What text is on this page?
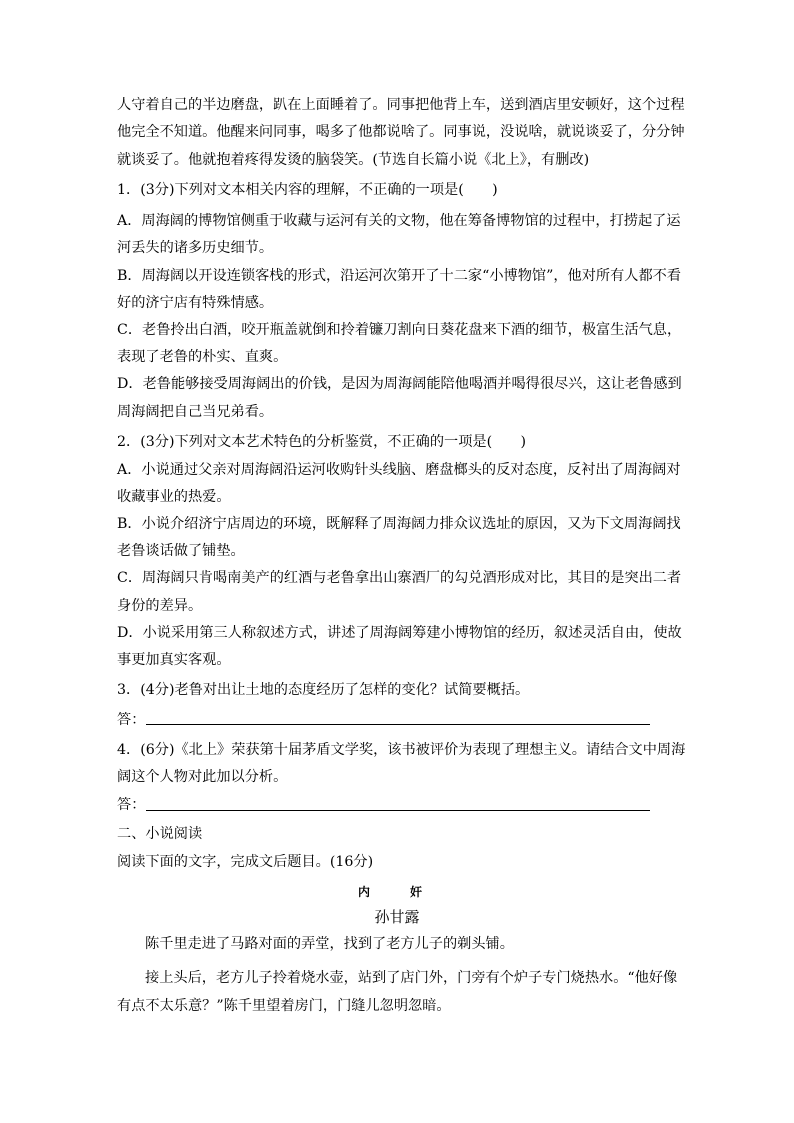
人守着自己的半边磨盘，趴在上面睡着了。同事把他背上车，送到酒店里安顿好，这个过程
他完全不知道。他醒来问同事，喝多了他都说啥了。同事说，没说啥，就说谈妥了，分分钟
就谈妥了。他就抱着疼得发烫的脑袋笑。(节选自长篇小说《北上》，有删改)
1．(3分)下列对文本相关内容的理解，不正确的一项是(　　)
A．周海阔的博物馆侧重于收藏与运河有关的文物，他在筹备博物馆的过程中，打捞起了运
河丢失的诸多历史细节。
B．周海阔以开设连锁客栈的形式，沿运河次第开了十二家“小博物馆”，他对所有人都不看
好的济宁店有特殊情感。
C．老鲁拎出白酒，咬开瓶盖就倒和拎着镰刀割向日葵花盘来下酒的细节，极富生活气息，
表现了老鲁的朴实、直爽。
D．老鲁能够接受周海阔出的价钱，是因为周海阔能陪他喝酒并喝得很尽兴，这让老鲁感到
周海阔把自己当兄弟看。
2．(3分)下列对文本艺术特色的分析鉴赏，不正确的一项是(　　)
A．小说通过父亲对周海阔沿运河收购针头线脑、磨盘榔头的反对态度，反衬出了周海阔对
收藏事业的热爱。
B．小说介绍济宁店周边的环境，既解释了周海阔力排众议选址的原因，又为下文周海阔找
老鲁谈话做了铺垫。
C．周海阔只肯喝南美产的红酒与老鲁拿出山寨酒厂的勾兑酒形成对比，其目的是突出二者
身份的差异。
D．小说采用第三人称叙述方式，讲述了周海阔筹建小博物馆的经历，叙述灵活自由，使故
事更加真实客观。
3．(4分)老鲁对出让土地的态度经历了怎样的变化？试简要概括。
答：
4．(6分)《北上》荣获第十届茅盾文学奖，该书被评价为表现了理想主义。请结合文中周海
阔这个人物对此加以分析。
答：
二、小说阅读
阅读下面的文字，完成文后题目。(16分)
内　奸
孙甘露
陈千里走进了马路对面的弄堂，找到了老方儿子的剃头铺。
接上头后，老方儿子拎着烧水壶，站到了店门外，门旁有个炉子专门烧热水。“他好像
有点不太乐意？”陈千里望着房门，门缝儿忽明忽暗。
